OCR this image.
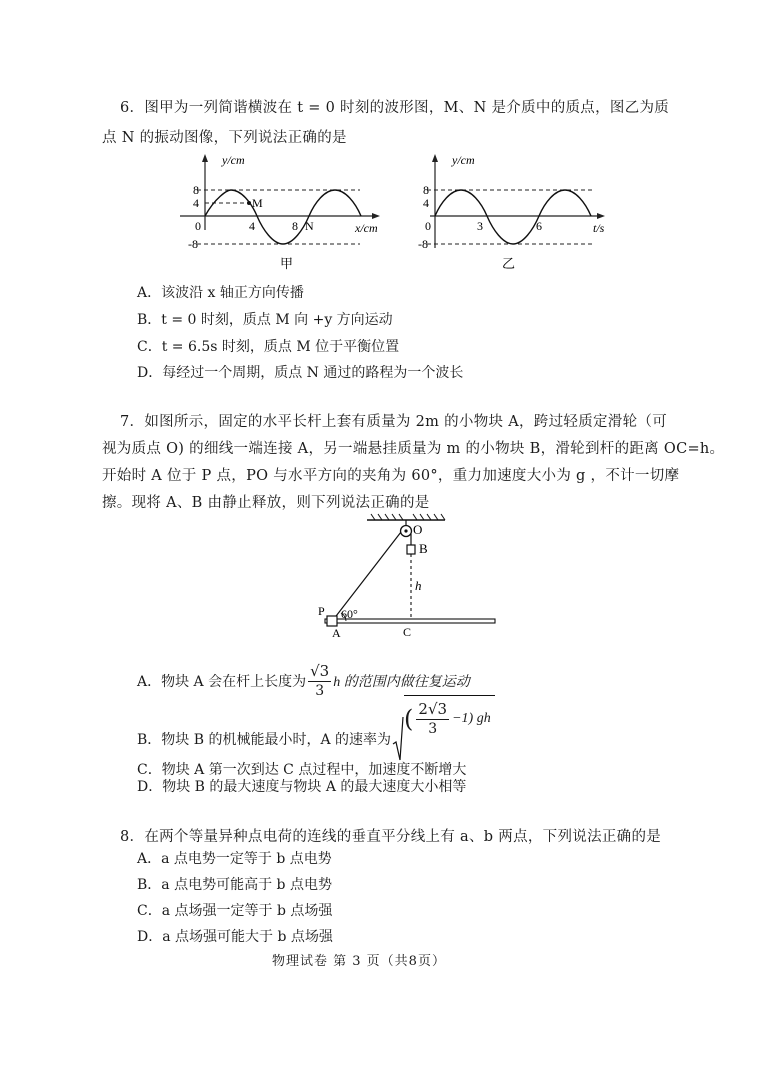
6．图甲为一列简谐横波在 t = 0 时刻的波形图，M、N 是介质中的质点，图乙为质
点 N 的振动图像，下列说法正确的是
y/cm
8
4
0
-8
4	8
M
N	x/cm
甲
y/cm
8
4
0
-8
3	6	t/s
乙
A．该波沿 x 轴正方向传播
B．t = 0 时刻，质点 M 向 +y 方向运动
C．t = 6.5s 时刻，质点 M 位于平衡位置
D．每经过一个周期，质点 N 通过的路程为一个波长
7．如图所示，固定的水平长杆上套有质量为 2m 的小物块 A，跨过轻质定滑轮（可
视为质点 O) 的细线一端连接 A，另一端悬挂质量为 m 的小物块 B，滑轮到杆的距离 OC=h。
开始时 A 位于 P 点，PO 与水平方向的夹角为 60°，重力加速度大小为 g ，不计一切摩
擦。现将 A、B 由静止释放，则下列说法正确的是
O
B
h
P 60°
A	C
A．物块 A 会在杆上长度为 $\frac{√3}{3}$ h 的范围内做往复运动
B．物块 B 的机械能最小时，A 的速率为
( $\frac{2√3}{3} -1$) gh
C．物块 A 第一次到达 C 点过程中，加速度不断增大
D．物块 B 的最大速度与物块 A 的最大速度大小相等
8．在两个等量异种点电荷的连线的垂直平分线上有 a、b 两点，下列说法正确的是
A．a 点电势一定等于 b 点电势
B．a 点电势可能高于 b 点电势
C．a 点场强一定等于 b 点场强
D．a 点场强可能大于 b 点场强
物理试卷 第 3 页（共8页）
